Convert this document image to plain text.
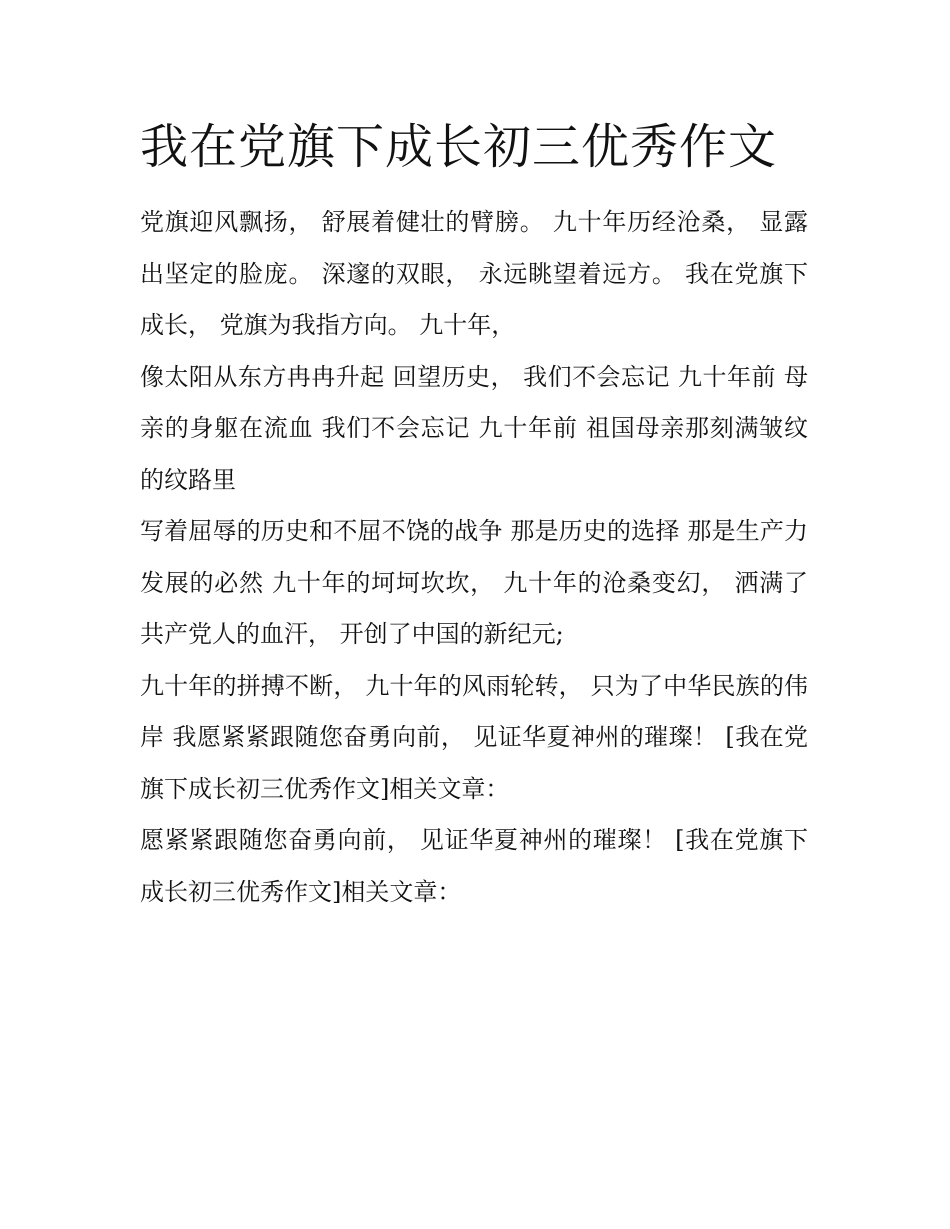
我在党旗下成长初三优秀作文

党旗迎风飘扬， 舒展着健壮的臂膀。 九十年历经沧桑， 显露出坚定的脸庞。 深邃的双眼， 永远眺望着远方。 我在党旗下成长， 党旗为我指方向。 九十年，

像太阳从东方冉冉升起 回望历史， 我们不会忘记 九十年前 母亲的身躯在流血 我们不会忘记 九十年前 祖国母亲那刻满皱纹的纹路里

写着屈辱的历史和不屈不饶的战争 那是历史的选择 那是生产力发展的必然 九十年的坷坷坎坎， 九十年的沧桑变幻， 洒满了共产党人的血汗， 开创了中国的新纪元;

九十年的拼搏不断， 九十年的风雨轮转， 只为了中华民族的伟岸 我愿紧紧跟随您奋勇向前， 见证华夏神州的璀璨！ [我在党旗下成长初三优秀作文]相关文章：

愿紧紧跟随您奋勇向前， 见证华夏神州的璀璨！ [我在党旗下成长初三优秀作文]相关文章：
